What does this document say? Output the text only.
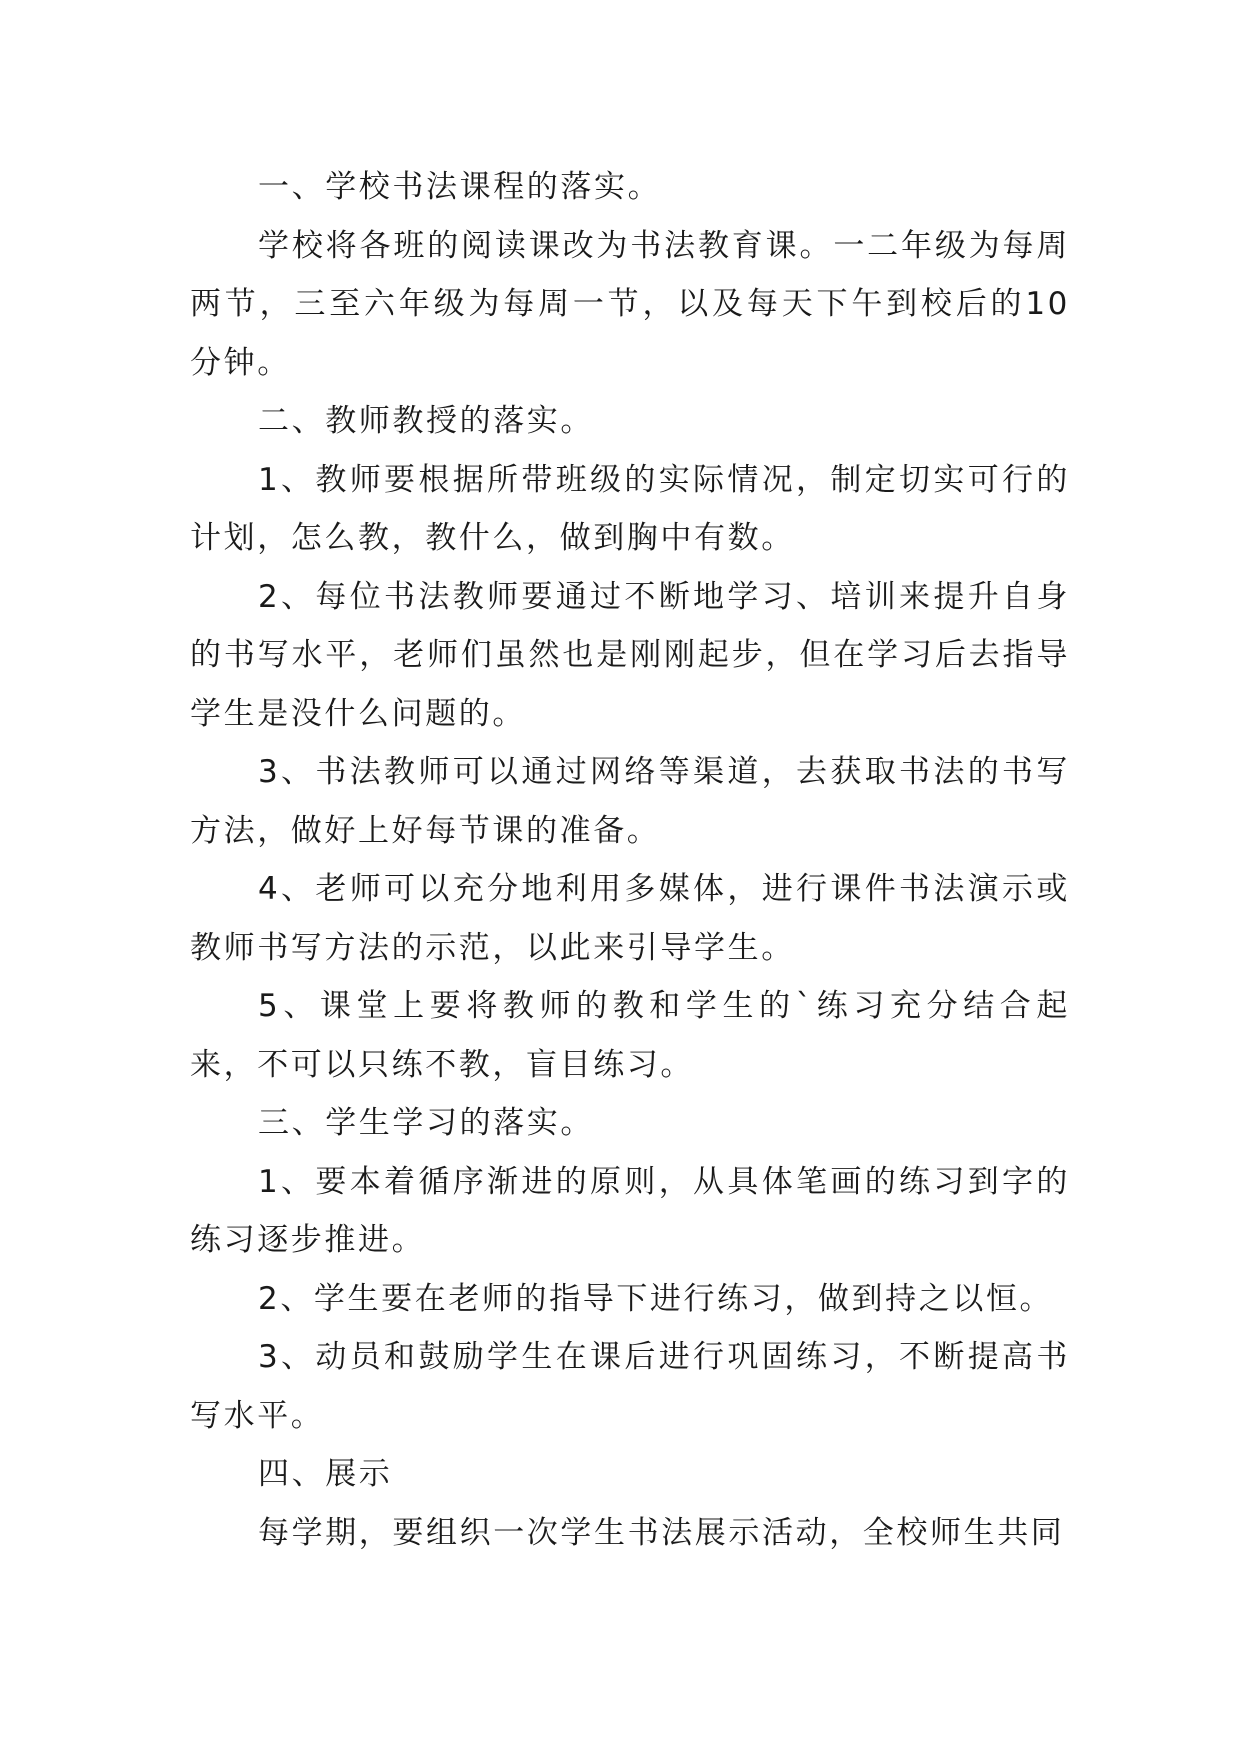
一、学校书法课程的落实。

学校将各班的阅读课改为书法教育课。一二年级为每周两节，三至六年级为每周一节，以及每天下午到校后的10分钟。

二、教师教授的落实。

1、教师要根据所带班级的实际情况，制定切实可行的计划，怎么教，教什么，做到胸中有数。

2、每位书法教师要通过不断地学习、培训来提升自身的书写水平，老师们虽然也是刚刚起步，但在学习后去指导学生是没什么问题的。

3、书法教师可以通过网络等渠道，去获取书法的书写方法，做好上好每节课的准备。

4、老师可以充分地利用多媒体，进行课件书法演示或教师书写方法的示范，以此来引导学生。

5、课堂上要将教师的教和学生的`练习充分结合起来，不可以只练不教，盲目练习。

三、学生学习的落实。

1、要本着循序渐进的原则，从具体笔画的练习到字的练习逐步推进。

2、学生要在老师的指导下进行练习，做到持之以恒。

3、动员和鼓励学生在课后进行巩固练习，不断提高书写水平。

四、展示

每学期，要组织一次学生书法展示活动，全校师生共同
